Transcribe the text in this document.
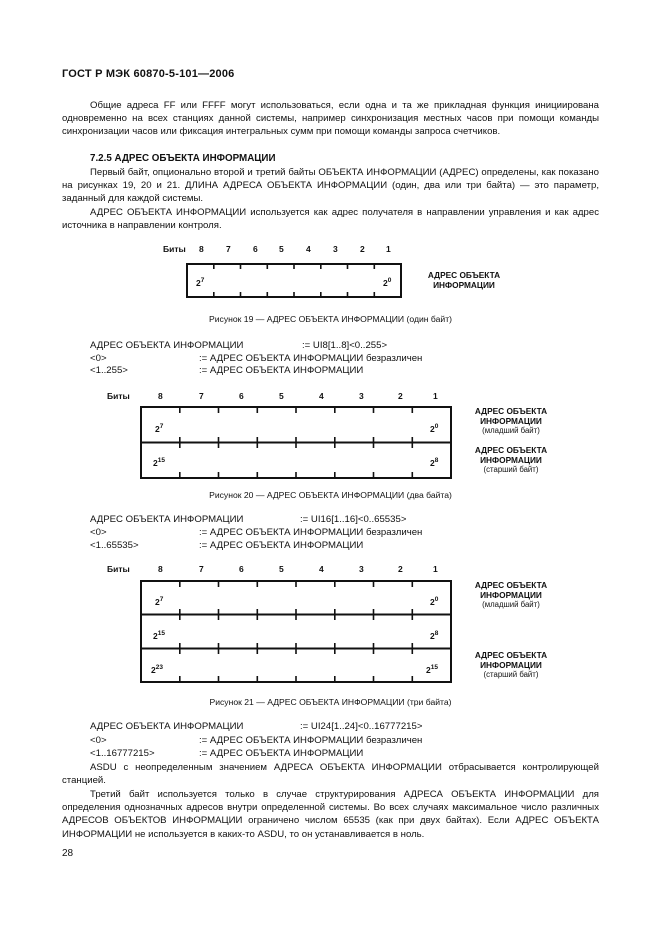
ГОСТ Р МЭК 60870-5-101—2006

Общие адреса FF или FFFF могут использоваться, если одна и та же прикладная функция инициирована одновременно на всех станциях данной системы, например синхронизация местных часов при помощи команды синхронизации часов или фиксация интегральных сумм при помощи команды запроса счетчиков.

7.2.5 АДРЕС ОБЪЕКТА ИНФОРМАЦИИ

Первый байт, опционально второй и третий байты ОБЪЕКТА ИНФОРМАЦИИ (АДРЕС) определены, как показано на рисунках 19, 20 и 21. ДЛИНА АДРЕСА ОБЪЕКТА ИНФОРМАЦИИ (один, два или три байта) — это параметр, заданный для каждой системы.

АДРЕС ОБЪЕКТА ИНФОРМАЦИИ используется как адрес получателя в направлении управления и как адрес источника в направлении контроля.

Биты 8	7	6	5	4	3	2	1
$2^7$	$2^0$
АДРЕС ОБЪЕКТА
ИНФОРМАЦИИ
Рисунок 19 — АДРЕС ОБЪЕКТА ИНФОРМАЦИИ (один байт)
АДРЕС ОБЪЕКТА ИНФОРМАЦИИ	:= UI8[1..8]<0..255>
<0>	:= АДРЕС ОБЪЕКТА ИНФОРМАЦИИ безразличен
<1..255>	:= АДРЕС ОБЪЕКТА ИНФОРМАЦИИ
Биты	8	7	6	5	4	3	2	1
$2^7$	$2^0$
$2^{15}$	$2^8$
АДРЕС ОБЪЕКТА
ИНФОРМАЦИИ
(младший байт)
АДРЕС ОБЪЕКТА
ИНФОРМАЦИИ
(старший байт)
Рисунок 20 — АДРЕС ОБЪЕКТА ИНФОРМАЦИИ (два байта)
АДРЕС ОБЪЕКТА ИНФОРМАЦИИ	:= UI16[1..16]<0..65535>
<0>	:= АДРЕС ОБЪЕКТА ИНФОРМАЦИИ безразличен
<1..65535>	:= АДРЕС ОБЪЕКТА ИНФОРМАЦИИ
Биты	8	7	6	5	4	3	2	1
$2^7$	$2^0$
$2^{15}$	$2^8$
$2^{23}$	$2^{15}$
АДРЕС ОБЪЕКТА
ИНФОРМАЦИИ
(младший байт)
АДРЕС ОБЪЕКТА
ИНФОРМАЦИИ
(старший байт)
Рисунок 21 — АДРЕС ОБЪЕКТА ИНФОРМАЦИИ (три байта)
АДРЕС ОБЪЕКТА ИНФОРМАЦИИ	:= UI24[1..24]<0..16777215>
<0>	:= АДРЕС ОБЪЕКТА ИНФОРМАЦИИ безразличен
<1..16777215>	:= АДРЕС ОБЪЕКТА ИНФОРМАЦИИ

ASDU с неопределенным значением АДРЕСА ОБЪЕКТА ИНФОРМАЦИИ отбрасывается контролирующей станцией.

Третий байт используется только в случае структурирования АДРЕСА ОБЪЕКТА ИНФОРМАЦИИ для определения однозначных адресов внутри определенной системы. Во всех случаях максимальное число различных АДРЕСОВ ОБЪЕКТОВ ИНФОРМАЦИИ ограничено числом 65535 (как при двух байтах). Если АДРЕС ОБЪЕКТА ИНФОРМАЦИИ не используется в каких-то ASDU, то он устанавливается в ноль.

28
